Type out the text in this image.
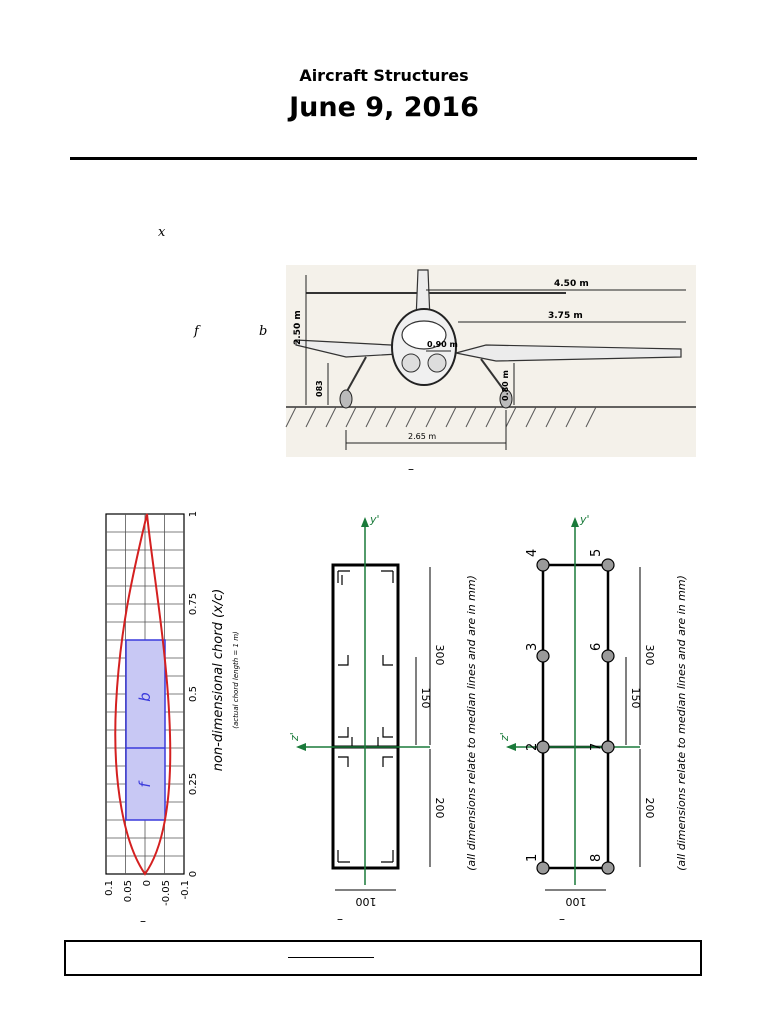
Aircraft Structures
June 9, 2016
x
f	b
4.50 m
3.75 m
0.90 m
2.50 m
083	0.80 m
2.65 m
–
b
f
0
0.25
0.5
0.75
1
0.1 0.05 0 -0.05 -0.1
non-dimensional chord (x/c) (actual chord length = 1 m)
–
y'
z'
300
150
200
100
(all dimensions relate to median lines and are in mm)
–
y'
z'
1
2
3
4	5
6
7
8
300
150
200
100
(all dimensions relate to median lines and are in mm)
–
